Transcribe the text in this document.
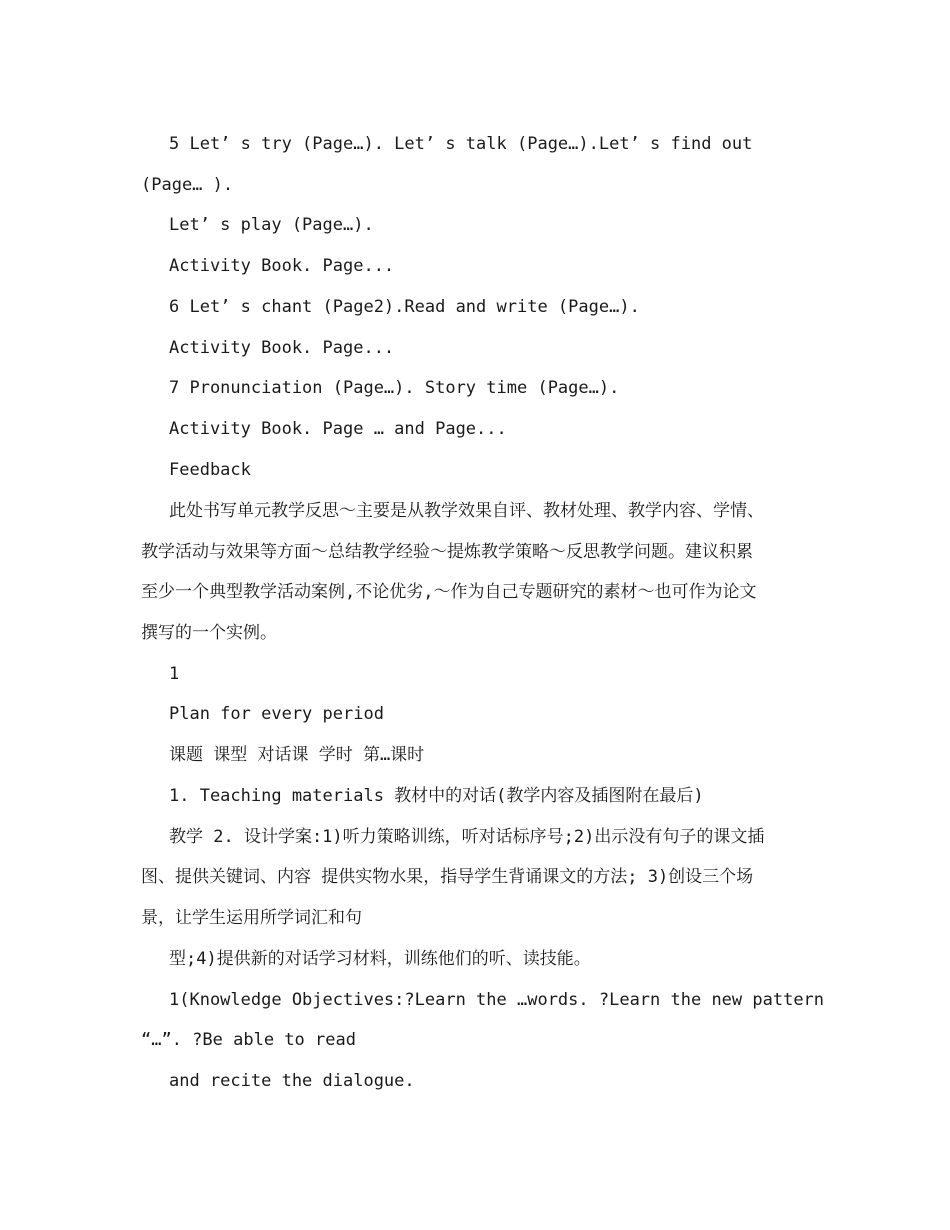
5 Let’ s try (Page…). Let’ s talk (Page…).Let’ s find out
(Page… ).
Let’ s play (Page…).
Activity Book. Page...
6 Let’ s chant (Page2).Read and write (Page…).
Activity Book. Page...
7 Pronunciation (Page…). Story time (Page…).
Activity Book. Page … and Page...
Feedback
此处书写单元教学反思～主要是从教学效果自评、教材处理、教学内容、学情、
教学活动与效果等方面～总结教学经验～提炼教学策略～反思教学问题。建议积累
至少一个典型教学活动案例,不论优劣,～作为自己专题研究的素材～也可作为论文
撰写的一个实例。
1
Plan for every period
课题 课型 对话课 学时 第…课时
1. Teaching materials 教材中的对话(教学内容及插图附在最后)
教学 2. 设计学案:1)听力策略训练，听对话标序号;2)出示没有句子的课文插
图、提供关键词、内容 提供实物水果，指导学生背诵课文的方法; 3)创设三个场
景，让学生运用所学词汇和句
型;4)提供新的对话学习材料，训练他们的听、读技能。
1(Knowledge Objectives:?Learn the …words. ?Learn the new pattern
“…”. ?Be able to read
and recite the dialogue.
